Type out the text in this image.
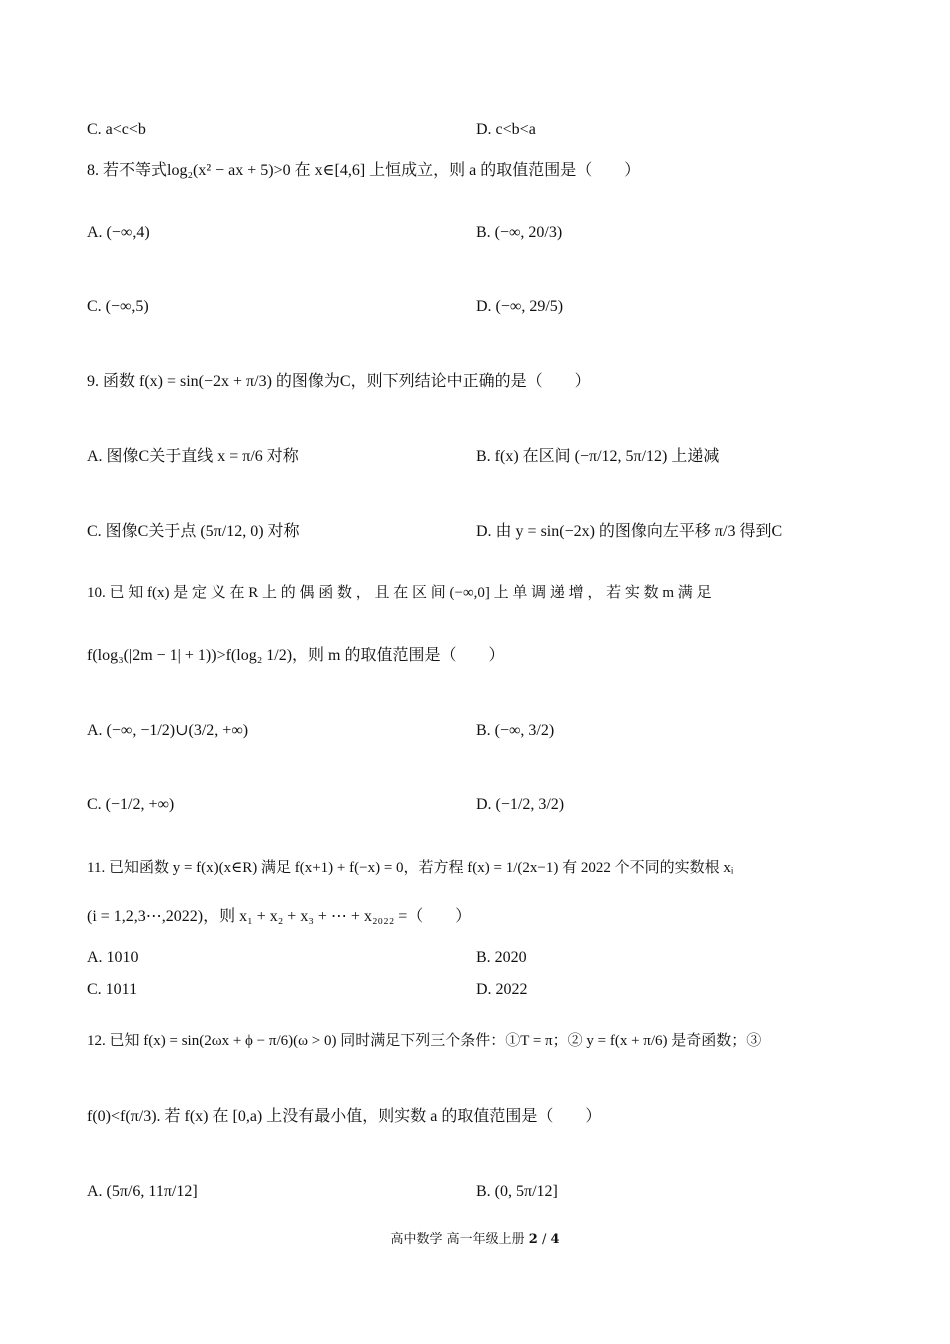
C. a<c<b	D. c<b<a
8. 若不等式log₂(x² − ax + 5)>0 在 x∈[4,6] 上恒成立，则 a 的取值范围是（　　）
A. (−∞,4)	B. (−∞, 20/3)
C. (−∞,5)	D. (−∞, 29/5)
9. 函数 f(x) = sin(−2x + π/3) 的图像为C，则下列结论中正确的是（　　）
A. 图像C关于直线 x = π/6 对称	B. f(x) 在区间 (−π/12, 5π/12) 上递减
C. 图像C关于点 (5π/12, 0) 对称	D. 由 y = sin(−2x) 的图像向左平移 π/3 得到C
10. 已 知 f(x) 是 定 义 在 R 上 的 偶 函 数 ， 且 在 区 间 (−∞,0] 上 单 调 递 增 ， 若 实 数 m 满 足
f(log₃(|2m − 1| + 1))>f(log₂ 1/2)，则 m 的取值范围是（　　）
A. (−∞, −1/2)∪(3/2, +∞)	B. (−∞, 3/2)
C. (−1/2, +∞)	D. (−1/2, 3/2)
11. 已知函数 y = f(x)(x∈R) 满足 f(x+1) + f(−x) = 0，若方程 f(x) = 1/(2x−1) 有 2022 个不同的实数根 xᵢ
(i = 1,2,3⋯,2022)，则 x₁ + x₂ + x₃ + ⋯ + x₂₀₂₂ =（　　）
A. 1010	B. 2020
C. 1011	D. 2022
12. 已知 f(x) = sin(2ωx + ϕ − π/6)(ω > 0) 同时满足下列三个条件：①T = π；② y = f(x + π/6) 是奇函数；③
f(0)<f(π/3). 若 f(x) 在 [0,a) 上没有最小值，则实数 a 的取值范围是（　　）
A. (5π/6, 11π/12]	B. (0, 5π/12]
高中数学 高一年级上册 2 / 4
